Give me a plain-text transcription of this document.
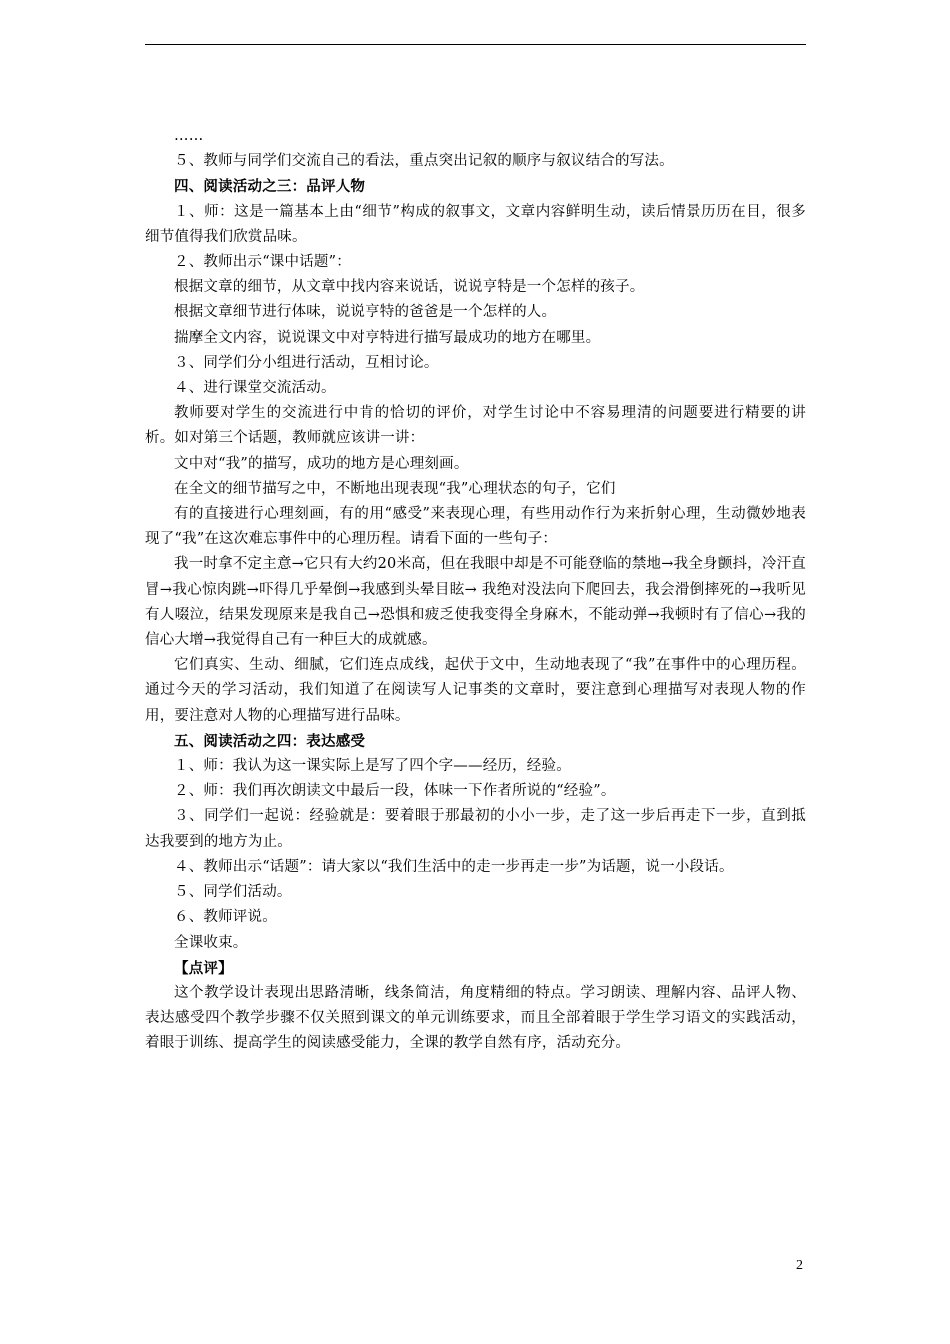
……

５、教师与同学们交流自己的看法，重点突出记叙的顺序与叙议结合的写法。

四、阅读活动之三：品评人物

１、师：这是一篇基本上由“细节”构成的叙事文，文章内容鲜明生动，读后情景历历在目，很多细节值得我们欣赏品味。

２、教师出示“课中话题”：

根据文章的细节，从文章中找内容来说话，说说亨特是一个怎样的孩子。

根据文章细节进行体味，说说亨特的爸爸是一个怎样的人。

揣摩全文内容，说说课文中对亨特进行描写最成功的地方在哪里。

３、同学们分小组进行活动，互相讨论。

４、进行课堂交流活动。

教师要对学生的交流进行中肯的恰切的评价，对学生讨论中不容易理清的问题要进行精要的讲析。如对第三个话题，教师就应该讲一讲：

文中对“我”的描写，成功的地方是心理刻画。

在全文的细节描写之中，不断地出现表现“我”心理状态的句子，它们

有的直接进行心理刻画，有的用“感受”来表现心理，有些用动作行为来折射心理，生动微妙地表现了“我”在这次难忘事件中的心理历程。请看下面的一些句子：

我一时拿不定主意→它只有大约20米高，但在我眼中却是不可能登临的禁地→我全身颤抖，冷汗直冒→我心惊肉跳→吓得几乎晕倒→我感到头晕目眩→ 我绝对没法向下爬回去，我会滑倒摔死的→我听见有人啜泣，结果发现原来是我自己→恐惧和疲乏使我变得全身麻木，不能动弹→我顿时有了信心→我的信心大增→我觉得自己有一种巨大的成就感。

它们真实、生动、细腻，它们连点成线，起伏于文中，生动地表现了“我”在事件中的心理历程。通过今天的学习活动，我们知道了在阅读写人记事类的文章时，要注意到心理描写对表现人物的作用，要注意对人物的心理描写进行品味。

五、阅读活动之四：表达感受

１、师：我认为这一课实际上是写了四个字——经历，经验。

２、师：我们再次朗读文中最后一段，体味一下作者所说的“经验”。

３、同学们一起说：经验就是：要着眼于那最初的小小一步，走了这一步后再走下一步，直到抵达我要到的地方为止。

４、教师出示“话题”：请大家以“我们生活中的走一步再走一步”为话题，说一小段话。

５、同学们活动。

６、教师评说。

全课收束。

【点评】

这个教学设计表现出思路清晰，线条简洁，角度精细的特点。学习朗读、理解内容、品评人物、表达感受四个教学步骤不仅关照到课文的单元训练要求，而且全部着眼于学生学习语文的实践活动，着眼于训练、提高学生的阅读感受能力，全课的教学自然有序，活动充分。

2
